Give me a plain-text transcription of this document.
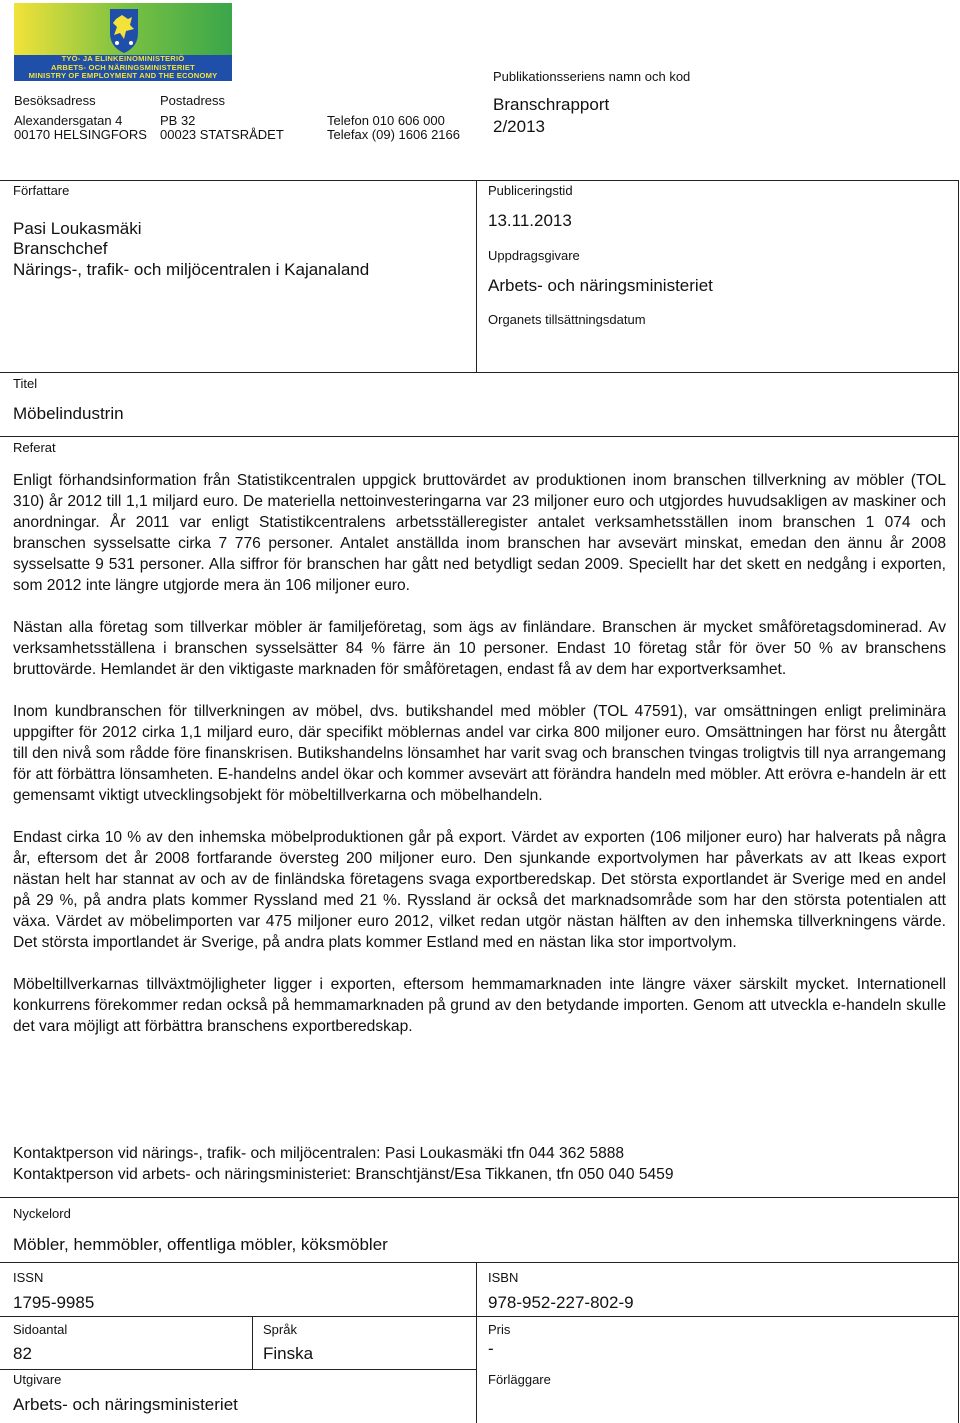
TYÖ- JA ELINKEINOMINISTERIÖ
ARBETS- OCH NÄRINGSMINISTERIET
MINISTRY OF EMPLOYMENT AND THE ECONOMY
Besöksadress
Alexandersgatan 4
00170 HELSINGFORS
Postadress
PB 32
00023 STATSRÅDET
Telefon 010 606 000
Telefax (09) 1606 2166
Publikationsseriens namn och kod
Branschrapport
2/2013
Författare
Pasi Loukasmäki
Branschchef
Närings-, trafik- och miljöcentralen i Kajanaland
Publiceringstid
13.11.2013
Uppdragsgivare
Arbets- och näringsministeriet
Organets tillsättningsdatum
Titel
Möbelindustrin
Referat

Enligt förhandsinformation från Statistikcentralen uppgick bruttovärdet av produktionen inom branschen tillverkning av möbler (TOL 310) år 2012 till 1,1 miljard euro. De materiella nettoinvesteringarna var 23 miljoner euro och utgjordes huvudsakligen av maskiner och anordningar. År 2011 var enligt Statistikcentralens arbetsställeregister antalet verksamhetsställen inom branschen 1 074 och branschen sysselsatte cirka 7 776 personer. Antalet anställda inom branschen har avsevärt minskat, emedan den ännu år 2008 sysselsatte 9 531 personer. Alla siffror för branschen har gått ned betydligt sedan 2009. Speciellt har det skett en nedgång i exporten, som 2012 inte längre utgjorde mera än 106 miljoner euro.

Nästan alla företag som tillverkar möbler är familjeföretag, som ägs av finländare. Branschen är mycket småföretagsdominerad. Av verksamhetsställena i branschen sysselsätter 84 % färre än 10 personer. Endast 10 företag står för över 50 % av branschens bruttovärde. Hemlandet är den viktigaste marknaden för småföretagen, endast få av dem har exportverksamhet.

Inom kundbranschen för tillverkningen av möbel, dvs. butikshandel med möbler (TOL 47591), var omsättningen enligt preliminära uppgifter för 2012 cirka 1,1 miljard euro, där specifikt möblernas andel var cirka 800 miljoner euro. Omsättningen har först nu återgått till den nivå som rådde före finanskrisen. Butikshandelns lönsamhet har varit svag och branschen tvingas troligtvis till nya arrangemang för att förbättra lönsamheten. E-handelns andel ökar och kommer avsevärt att förändra handeln med möbler. Att erövra e-handeln är ett gemensamt viktigt utvecklingsobjekt för möbeltillverkarna och möbelhandeln.

Endast cirka 10 % av den inhemska möbelproduktionen går på export. Värdet av exporten (106 miljoner euro) har halverats på några år, eftersom det år 2008 fortfarande översteg 200 miljoner euro. Den sjunkande exportvolymen har påverkats av att Ikeas export nästan helt har stannat av och av de finländska företagens svaga exportberedskap. Det största exportlandet är Sverige med en andel på 29 %, på andra plats kommer Ryssland med 21 %. Ryssland är också det marknadsområde som har den största potentialen att växa. Värdet av möbelimporten var 475 miljoner euro 2012, vilket redan utgör nästan hälften av den inhemska tillverkningens värde. Det största importlandet är Sverige, på andra plats kommer Estland med en nästan lika stor importvolym.

Möbeltillverkarnas tillväxtmöjligheter ligger i exporten, eftersom hemmamarknaden inte längre växer särskilt mycket. Internationell konkurrens förekommer redan också på hemmamarknaden på grund av den betydande importen. Genom att utveckla e-handeln skulle det vara möjligt att förbättra branschens exportberedskap.

Kontaktperson vid närings-, trafik- och miljöcentralen: Pasi Loukasmäki tfn 044 362 5888
Kontaktperson vid arbets- och näringsministeriet: Branschtjänst/Esa Tikkanen, tfn 050 040 5459
Nyckelord
Möbler, hemmöbler, offentliga möbler, köksmöbler
ISSN
1795-9985
ISBN
978-952-227-802-9
Sidoantal
82
Språk
Finska
Pris
-
Utgivare
Arbets- och näringsministeriet
Förläggare
